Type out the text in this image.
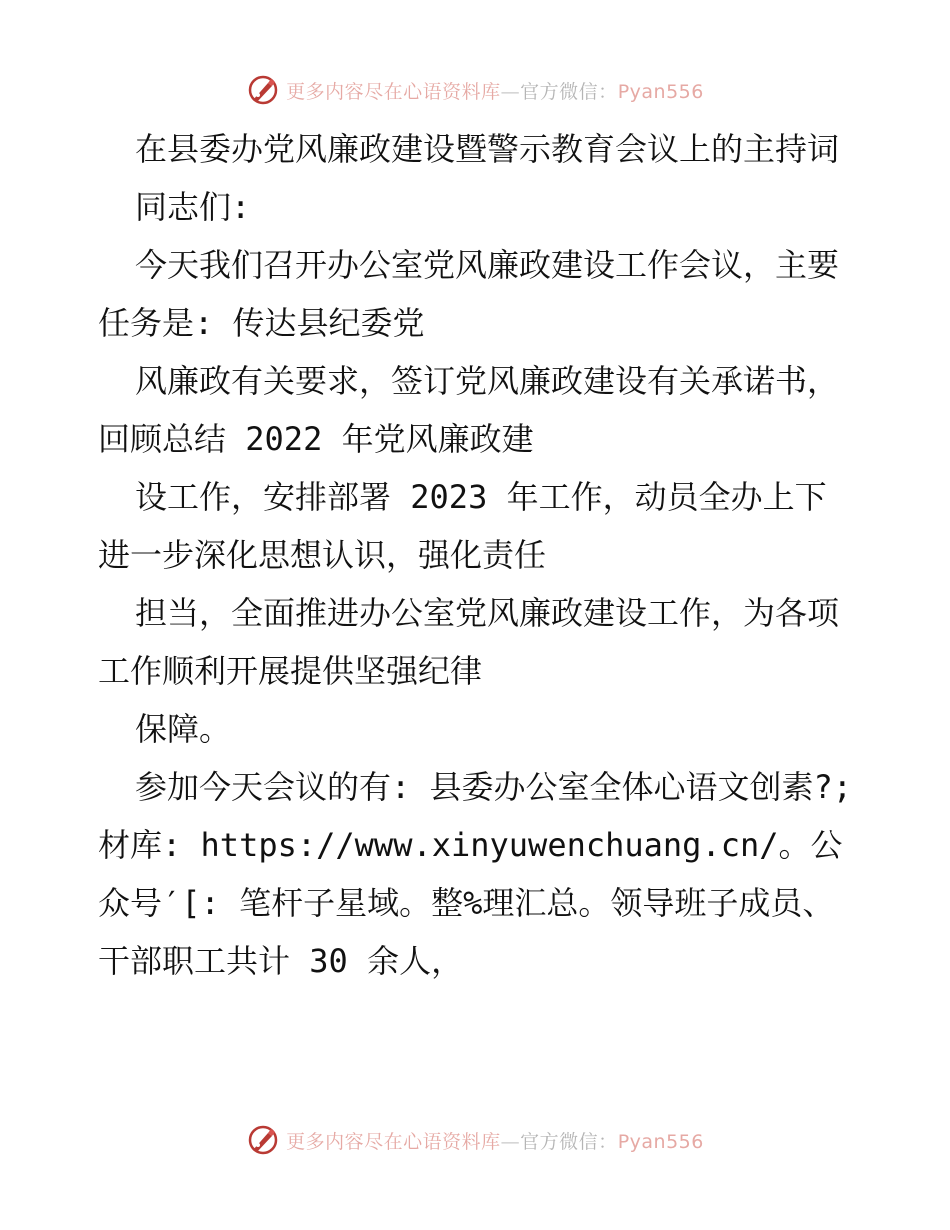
更多内容尽在心语资料库—官方微信：Pyan556

在县委办党风廉政建设暨警示教育会议上的主持词

同志们:

今天我们召开办公室党风廉政建设工作会议，主要任务是: 传达县纪委党

风廉政有关要求，签订党风廉政建设有关承诺书，回顾总结 2022 年党风廉政建

设工作，安排部署 2023 年工作，动员全办上下进一步深化思想认识，强化责任

担当，全面推进办公室党风廉政建设工作，为各项工作顺利开展提供坚强纪律

保障。

参加今天会议的有: 县委办公室全体心语文创素?;材库: https://www.xinyuwenchuang.cn/。公众号′[: 笔杆子星域。整%理汇总。领导班子成员、干部职工共计 30 余人，

更多内容尽在心语资料库—官方微信：Pyan556
